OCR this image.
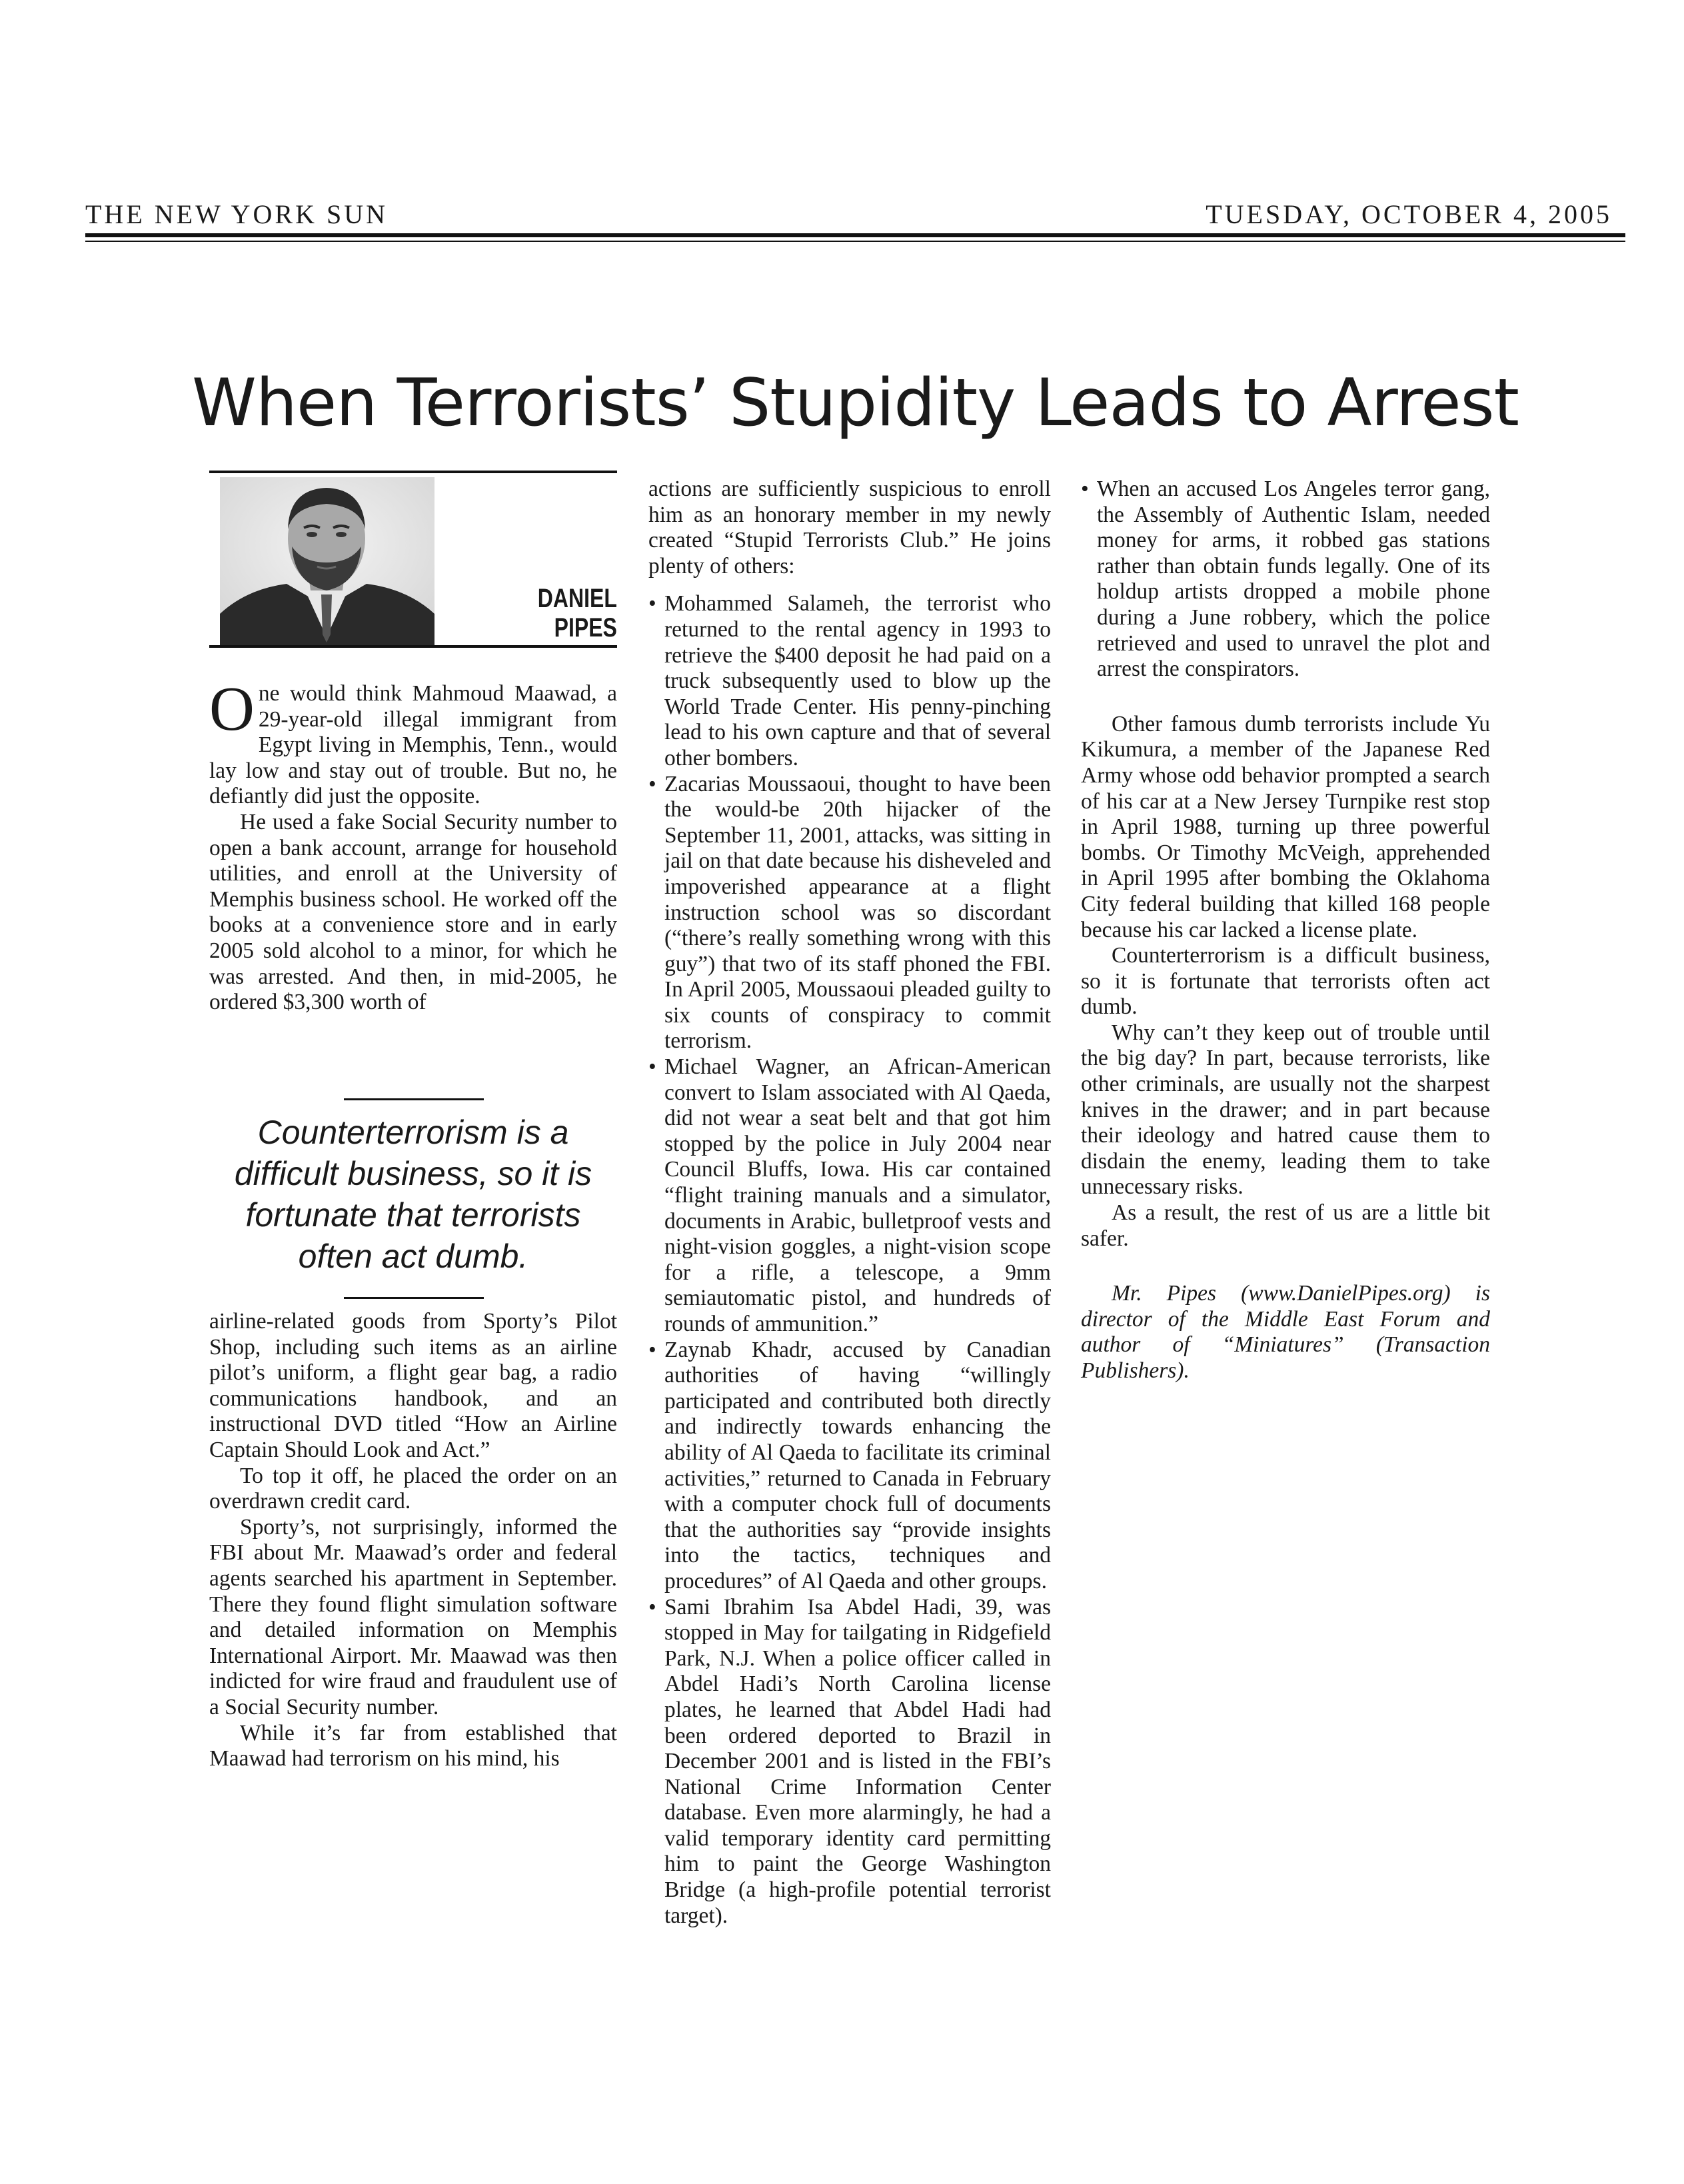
THE NEW YORK SUN	TUESDAY, OCTOBER 4, 2005
When Terrorists’ Stupidity Leads to Arrest
DANIEL
PIPES

One would think Mahmoud Maawad, a 29-year-old illegal immigrant from Egypt living in Memphis, Tenn., would lay low and stay out of trouble. But no, he defiantly did just the opposite.

He used a fake Social Security number to open a bank account, arrange for household utilities, and enroll at the University of Memphis business school. He worked off the books at a convenience store and in early 2005 sold alcohol to a minor, for which he was arrested. And then, in mid-2005, he ordered $3,300 worth of

Counterterrorism is a difficult business, so it is fortunate that terrorists often act dumb.

airline-related goods from Sporty’s Pilot Shop, including such items as an airline pilot’s uniform, a flight gear bag, a radio communications handbook, and an instructional DVD titled “How an Airline Captain Should Look and Act.”

To top it off, he placed the order on an overdrawn credit card.

Sporty’s, not surprisingly, informed the FBI about Mr. Maawad’s order and federal agents searched his apartment in September. There they found flight simulation software and detailed information on Memphis International Airport. Mr. Maawad was then indicted for wire fraud and fraudulent use of a Social Security number.

While it’s far from established that Maawad had terrorism on his mind, his

actions are sufficiently suspicious to enroll him as an honorary member in my newly created “Stupid Terrorists Club.” He joins plenty of others:

• Mohammed Salameh, the terrorist who returned to the rental agency in 1993 to retrieve the $400 deposit he had paid on a truck subsequently used to blow up the World Trade Center. His penny-pinching lead to his own capture and that of several other bombers.
• Zacarias Moussaoui, thought to have been the would-be 20th hijacker of the September 11, 2001, attacks, was sitting in jail on that date because his disheveled and impoverished appearance at a flight instruction school was so discordant (“there’s really something wrong with this guy”) that two of its staff phoned the FBI. In April 2005, Moussaoui pleaded guilty to six counts of conspiracy to commit terrorism.
• Michael Wagner, an African-American convert to Islam associated with Al Qaeda, did not wear a seat belt and that got him stopped by the police in July 2004 near Council Bluffs, Iowa. His car contained “flight training manuals and a simulator, documents in Arabic, bulletproof vests and night-vision goggles, a night-vision scope for a rifle, a telescope, a 9mm semiautomatic pistol, and hundreds of rounds of ammunition.”
• Zaynab Khadr, accused by Canadian authorities of having “willingly participated and contributed both directly and indirectly towards enhancing the ability of Al Qaeda to facilitate its criminal activities,” returned to Canada in February with a computer chock full of documents that the authorities say “provide insights into the tactics, techniques and procedures” of Al Qaeda and other groups.
• Sami Ibrahim Isa Abdel Hadi, 39, was stopped in May for tailgating in Ridgefield Park, N.J. When a police officer called in Abdel Hadi’s North Carolina license plates, he learned that Abdel Hadi had been ordered deported to Brazil in December 2001 and is listed in the FBI’s National Crime Information Center database. Even more alarmingly, he had a valid temporary identity card permitting him to paint the George Washington Bridge (a high-profile potential terrorist target).
• When an accused Los Angeles terror gang, the Assembly of Authentic Islam, needed money for arms, it robbed gas stations rather than obtain funds legally. One of its holdup artists dropped a mobile phone during a June robbery, which the police retrieved and used to unravel the plot and arrest the conspirators.

Other famous dumb terrorists include Yu Kikumura, a member of the Japanese Red Army whose odd behavior prompted a search of his car at a New Jersey Turnpike rest stop in April 1988, turning up three powerful bombs. Or Timothy McVeigh, apprehended in April 1995 after bombing the Oklahoma City federal building that killed 168 people because his car lacked a license plate.

Counterterrorism is a difficult business, so it is fortunate that terrorists often act dumb.

Why can’t they keep out of trouble until the big day? In part, because terrorists, like other criminals, are usually not the sharpest knives in the drawer; and in part because their ideology and hatred cause them to disdain the enemy, leading them to take unnecessary risks.

As a result, the rest of us are a little bit safer.

Mr. Pipes (www.DanielPipes.org) is director of the Middle East Forum and author of “Miniatures” (Transaction Publishers).
